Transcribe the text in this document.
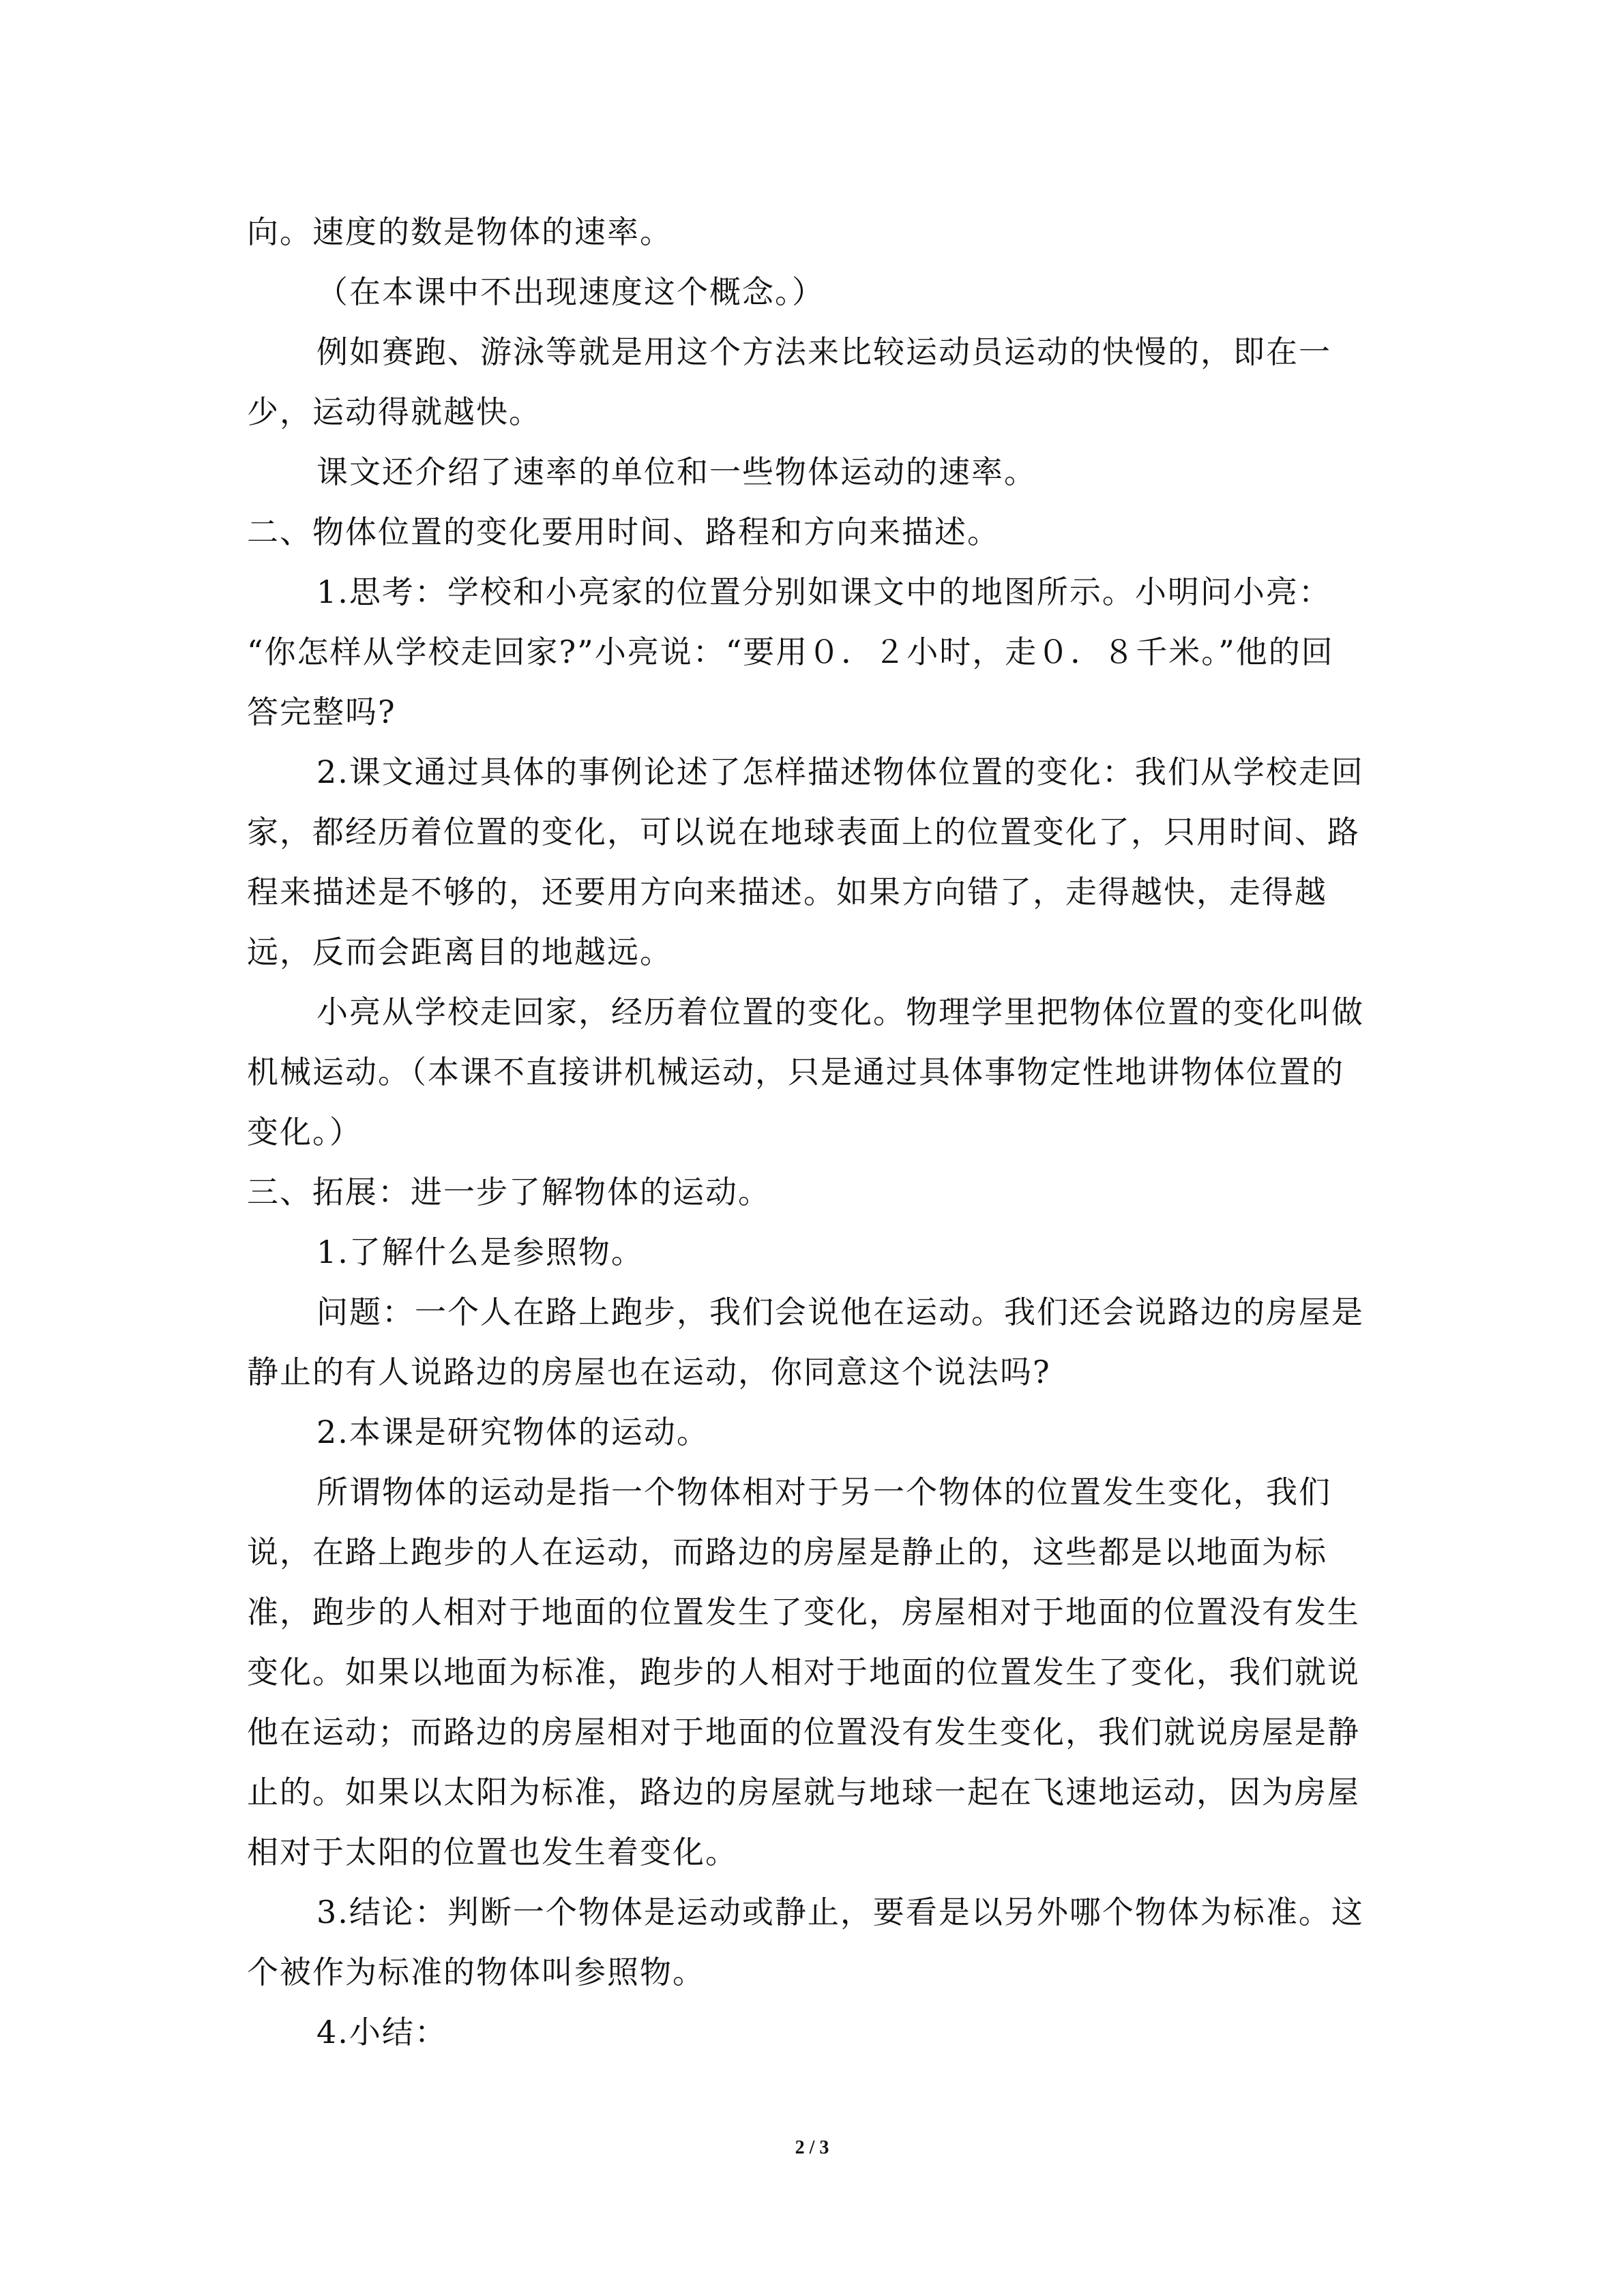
向。速度的数是物体的速率。
（在本课中不出现速度这个概念。）
例如赛跑、游泳等就是用这个方法来比较运动员运动的快慢的，即在一
少，运动得就越快。
课文还介绍了速率的单位和一些物体运动的速率。
二、物体位置的变化要用时间、路程和方向来描述。
1.思考：学校和小亮家的位置分别如课文中的地图所示。小明问小亮：
“你怎样从学校走回家?”小亮说：“要用０．２小时，走０．８千米。”他的回
答完整吗?
2.课文通过具体的事例论述了怎样描述物体位置的变化：我们从学校走回
家，都经历着位置的变化，可以说在地球表面上的位置变化了，只用时间、路
程来描述是不够的，还要用方向来描述。如果方向错了，走得越快，走得越
远，反而会距离目的地越远。
小亮从学校走回家，经历着位置的变化。物理学里把物体位置的变化叫做
机械运动。（本课不直接讲机械运动，只是通过具体事物定性地讲物体位置的
变化。）
三、拓展：进一步了解物体的运动。
1.了解什么是参照物。
问题：一个人在路上跑步，我们会说他在运动。我们还会说路边的房屋是
静止的有人说路边的房屋也在运动，你同意这个说法吗?
2.本课是研究物体的运动。
所谓物体的运动是指一个物体相对于另一个物体的位置发生变化，我们
说，在路上跑步的人在运动，而路边的房屋是静止的，这些都是以地面为标
准，跑步的人相对于地面的位置发生了变化，房屋相对于地面的位置没有发生
变化。如果以地面为标准，跑步的人相对于地面的位置发生了变化，我们就说
他在运动；而路边的房屋相对于地面的位置没有发生变化，我们就说房屋是静
止的。如果以太阳为标准，路边的房屋就与地球一起在飞速地运动，因为房屋
相对于太阳的位置也发生着变化。
3.结论：判断一个物体是运动或静止，要看是以另外哪个物体为标准。这
个被作为标准的物体叫参照物。
4.小结：
2 / 3
